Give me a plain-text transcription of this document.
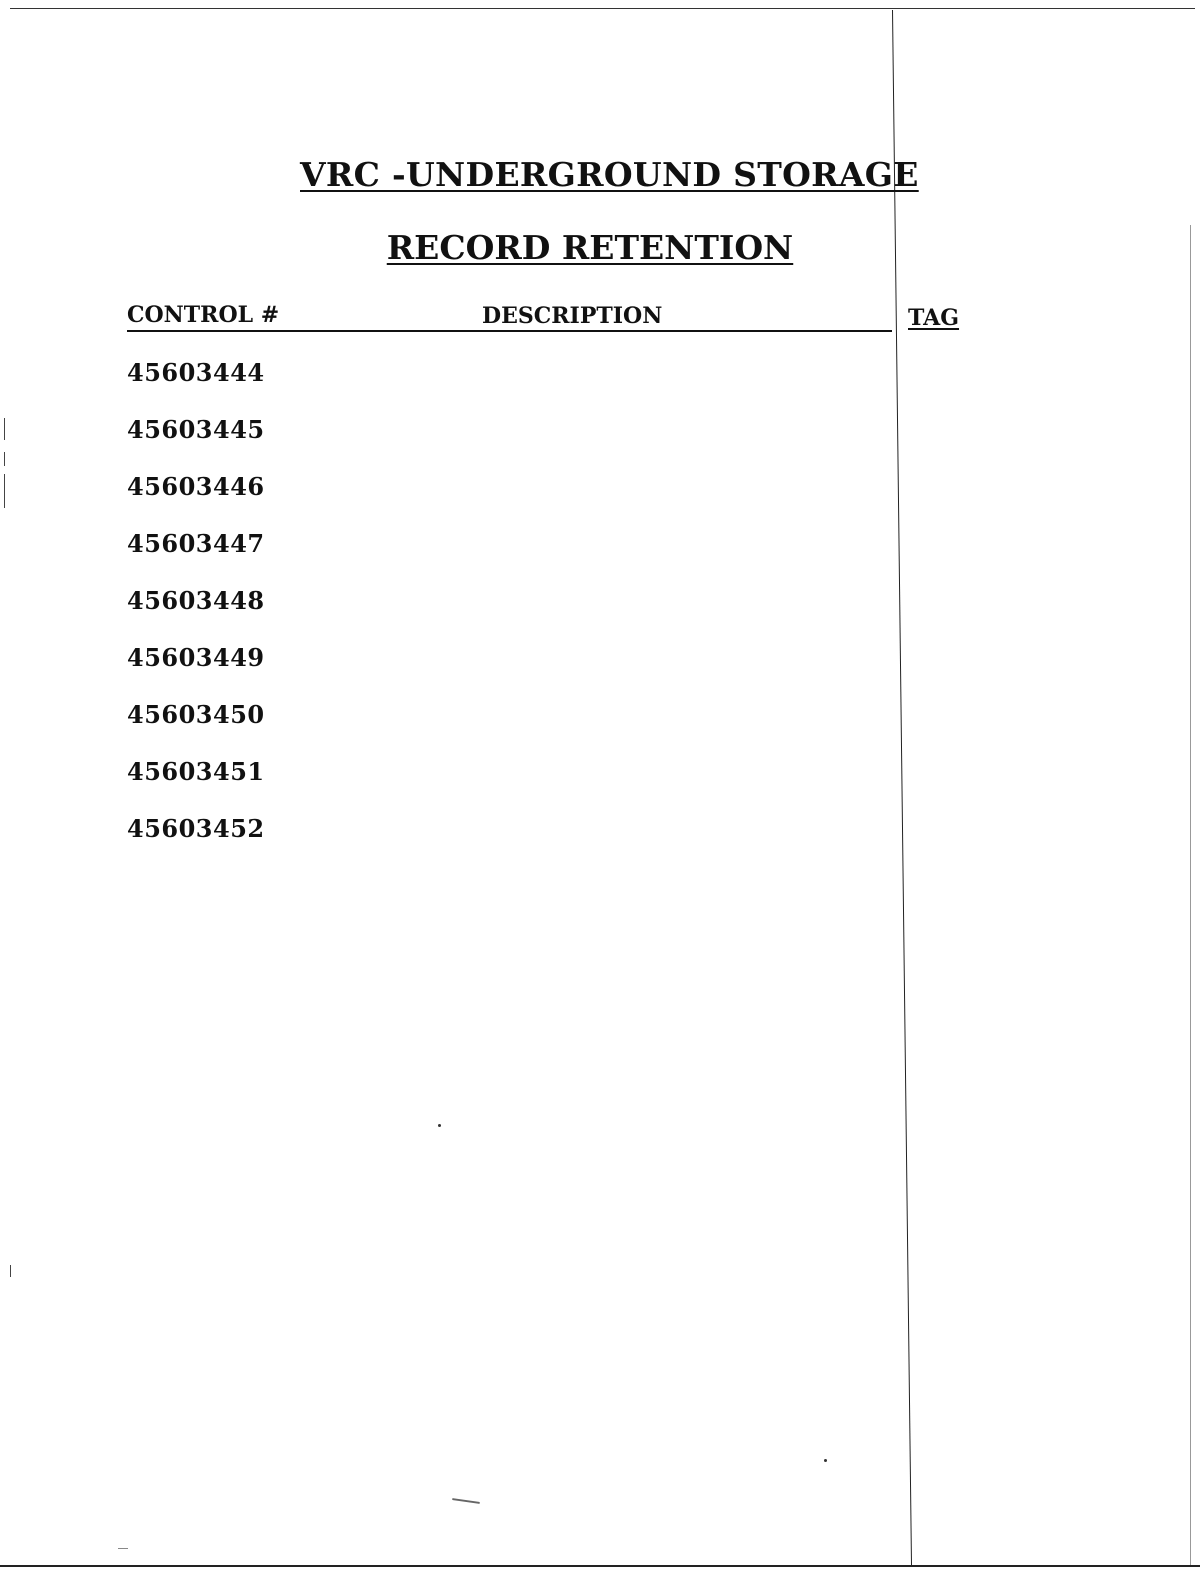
VRC -UNDERGROUND STORAGE
RECORD RETENTION
CONTROL #	DESCRIPTION	TAG
45603444
45603445
45603446
45603447
45603448
45603449
45603450
45603451
45603452
